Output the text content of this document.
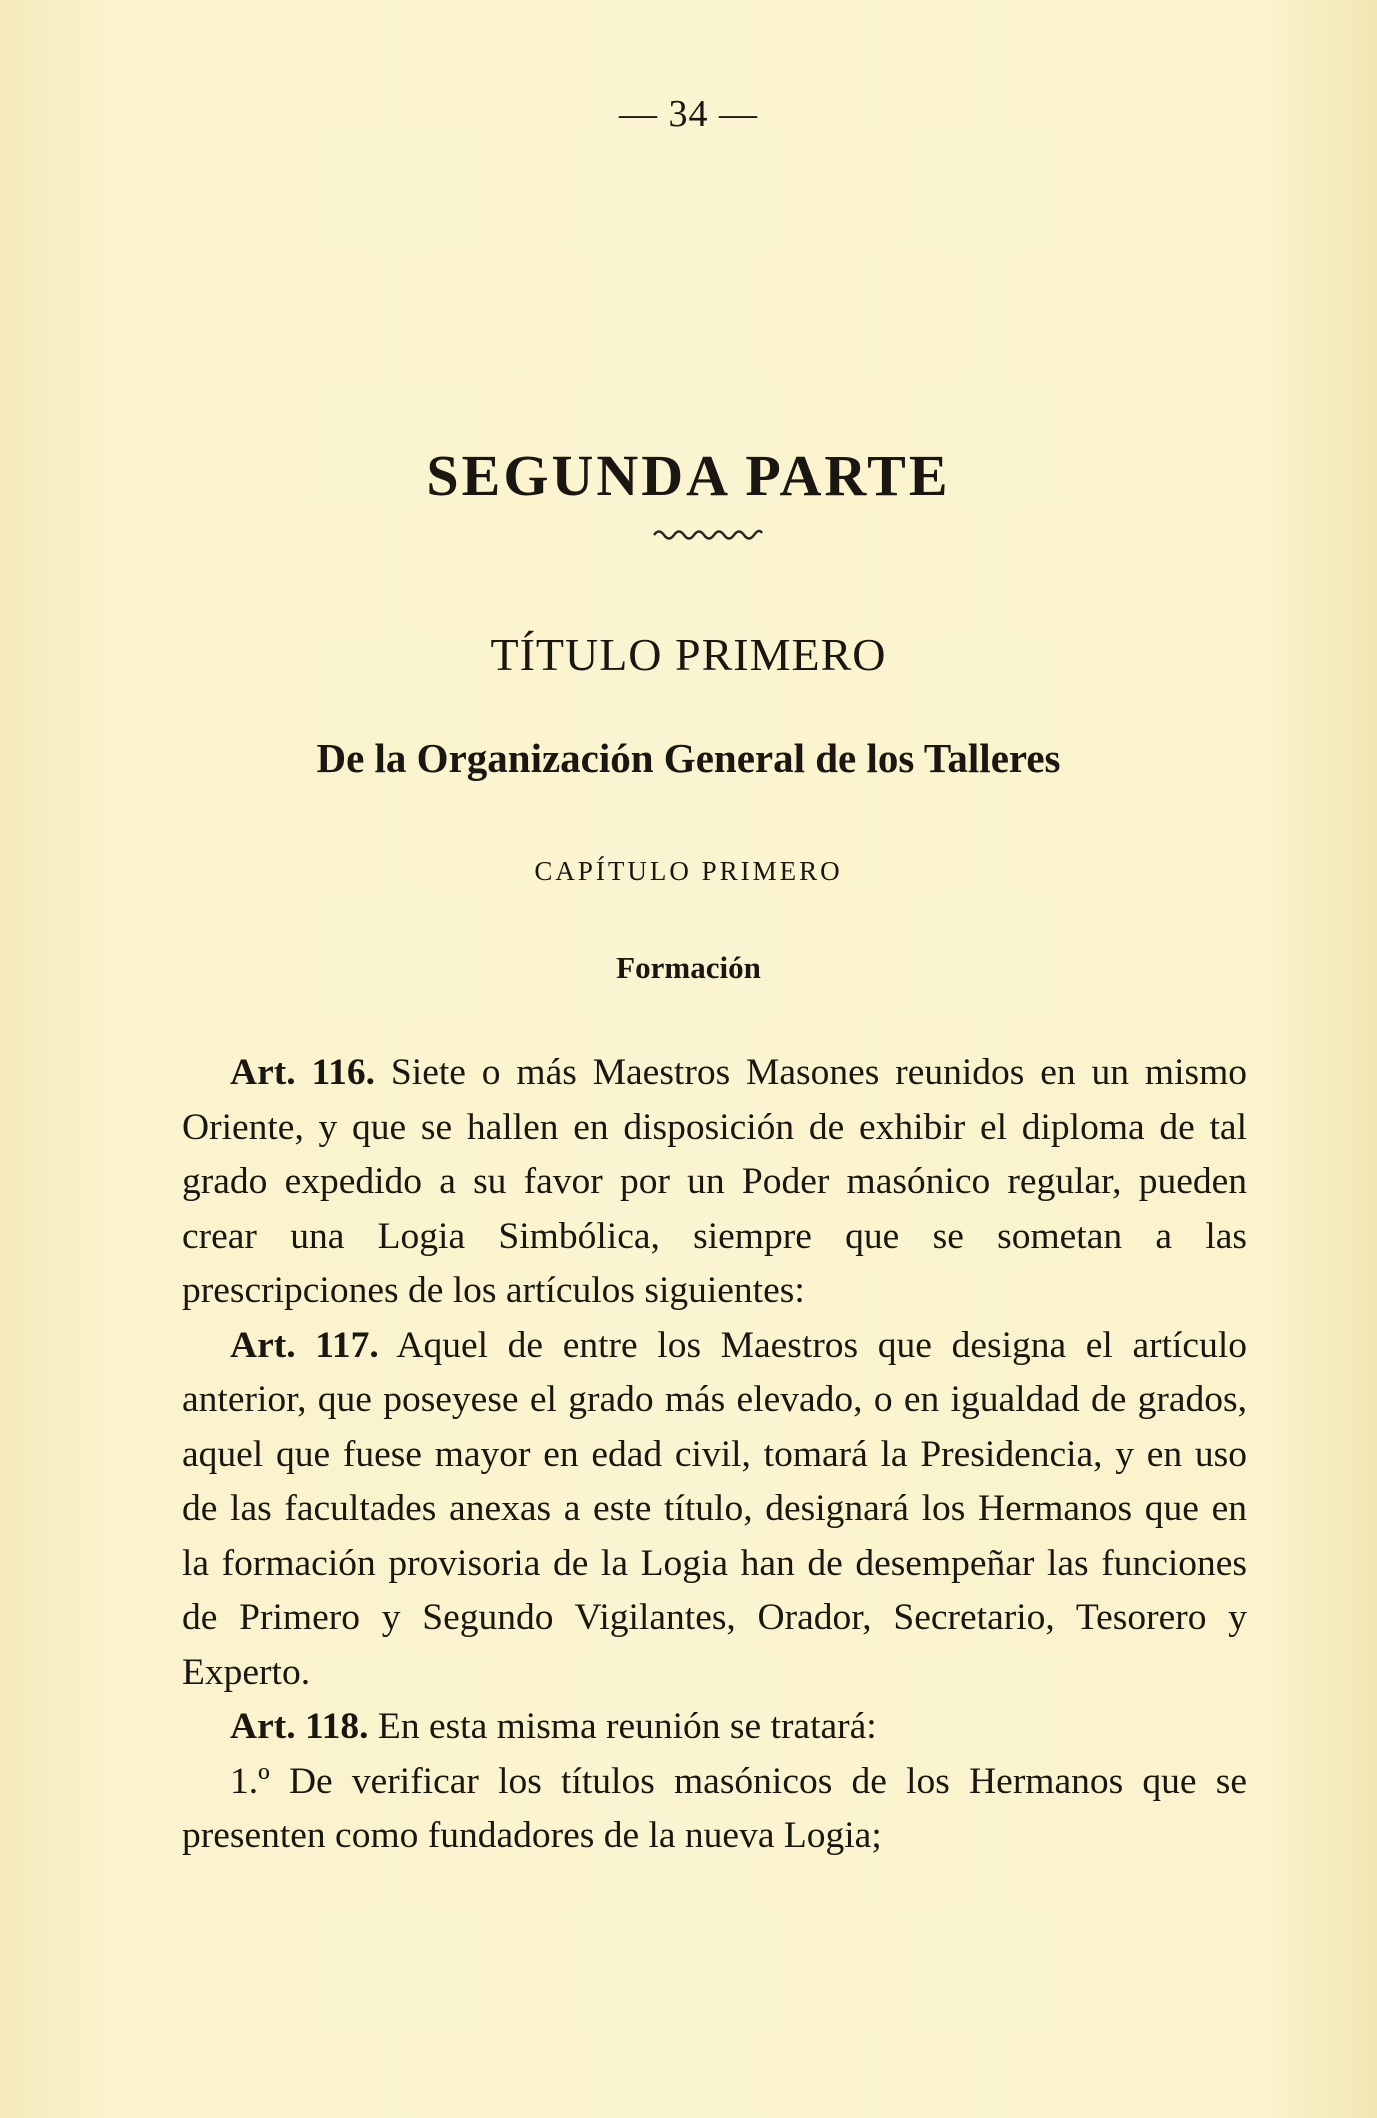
— 34 —
SEGUNDA PARTE
TÍTULO PRIMERO
De la Organización General de los Talleres
CAPÍTULO PRIMERO
Formación

Art. 116. Siete o más Maestros Masones reunidos en un mismo Oriente, y que se hallen en disposición de exhibir el diploma de tal grado expedido a su favor por un Poder masónico regular, pueden crear una Logia Simbólica, siempre que se sometan a las prescripciones de los artículos siguientes:

Art. 117. Aquel de entre los Maestros que designa el artículo anterior, que poseyese el grado más elevado, o en igualdad de grados, aquel que fuese mayor en edad civil, tomará la Presidencia, y en uso de las facultades anexas a este título, designará los Hermanos que en la formación provisoria de la Logia han de desempeñar las funciones de Primero y Segundo Vigilantes, Orador, Secretario, Tesorero y Experto.

Art. 118. En esta misma reunión se tratará:

1.º De verificar los títulos masónicos de los Hermanos que se presenten como fundadores de la nueva Logia;
